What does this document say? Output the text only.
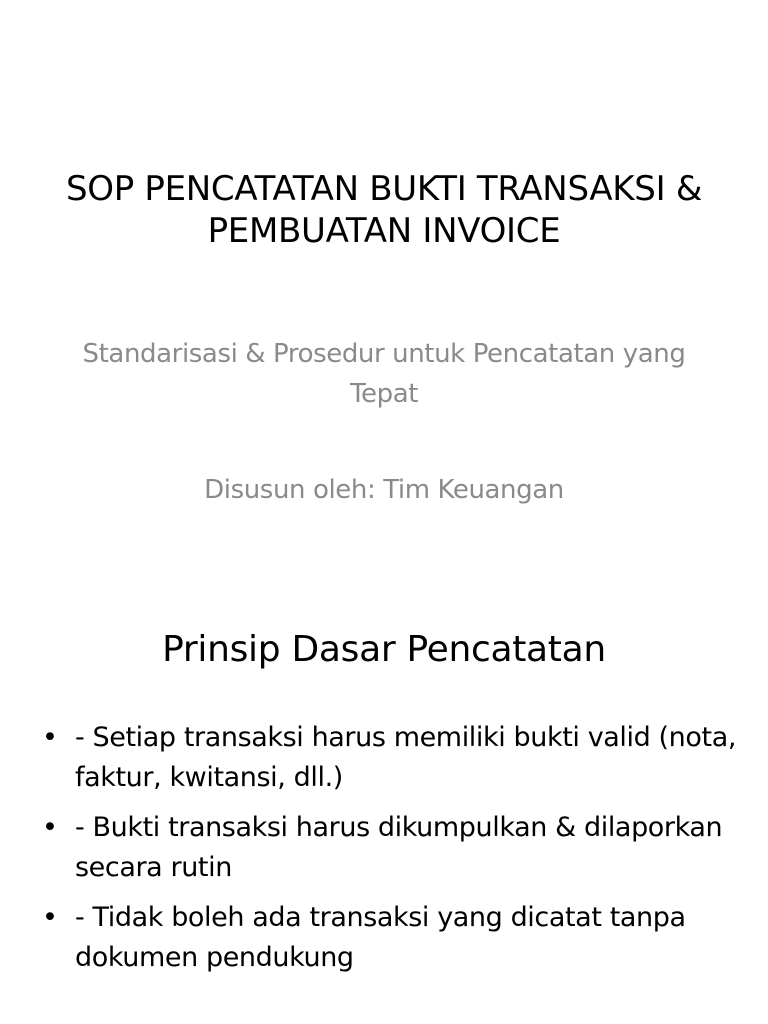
SOP PENCATATAN BUKTI TRANSAKSI & PEMBUATAN INVOICE

Standarisasi & Prosedur untuk Pencatatan yang Tepat

Disusun oleh: Tim Keuangan

Prinsip Dasar Pencatatan
• - Setiap transaksi harus memiliki bukti valid (nota, faktur, kwitansi, dll.)
• - Bukti transaksi harus dikumpulkan & dilaporkan secara rutin
• - Tidak boleh ada transaksi yang dicatat tanpa dokumen pendukung
